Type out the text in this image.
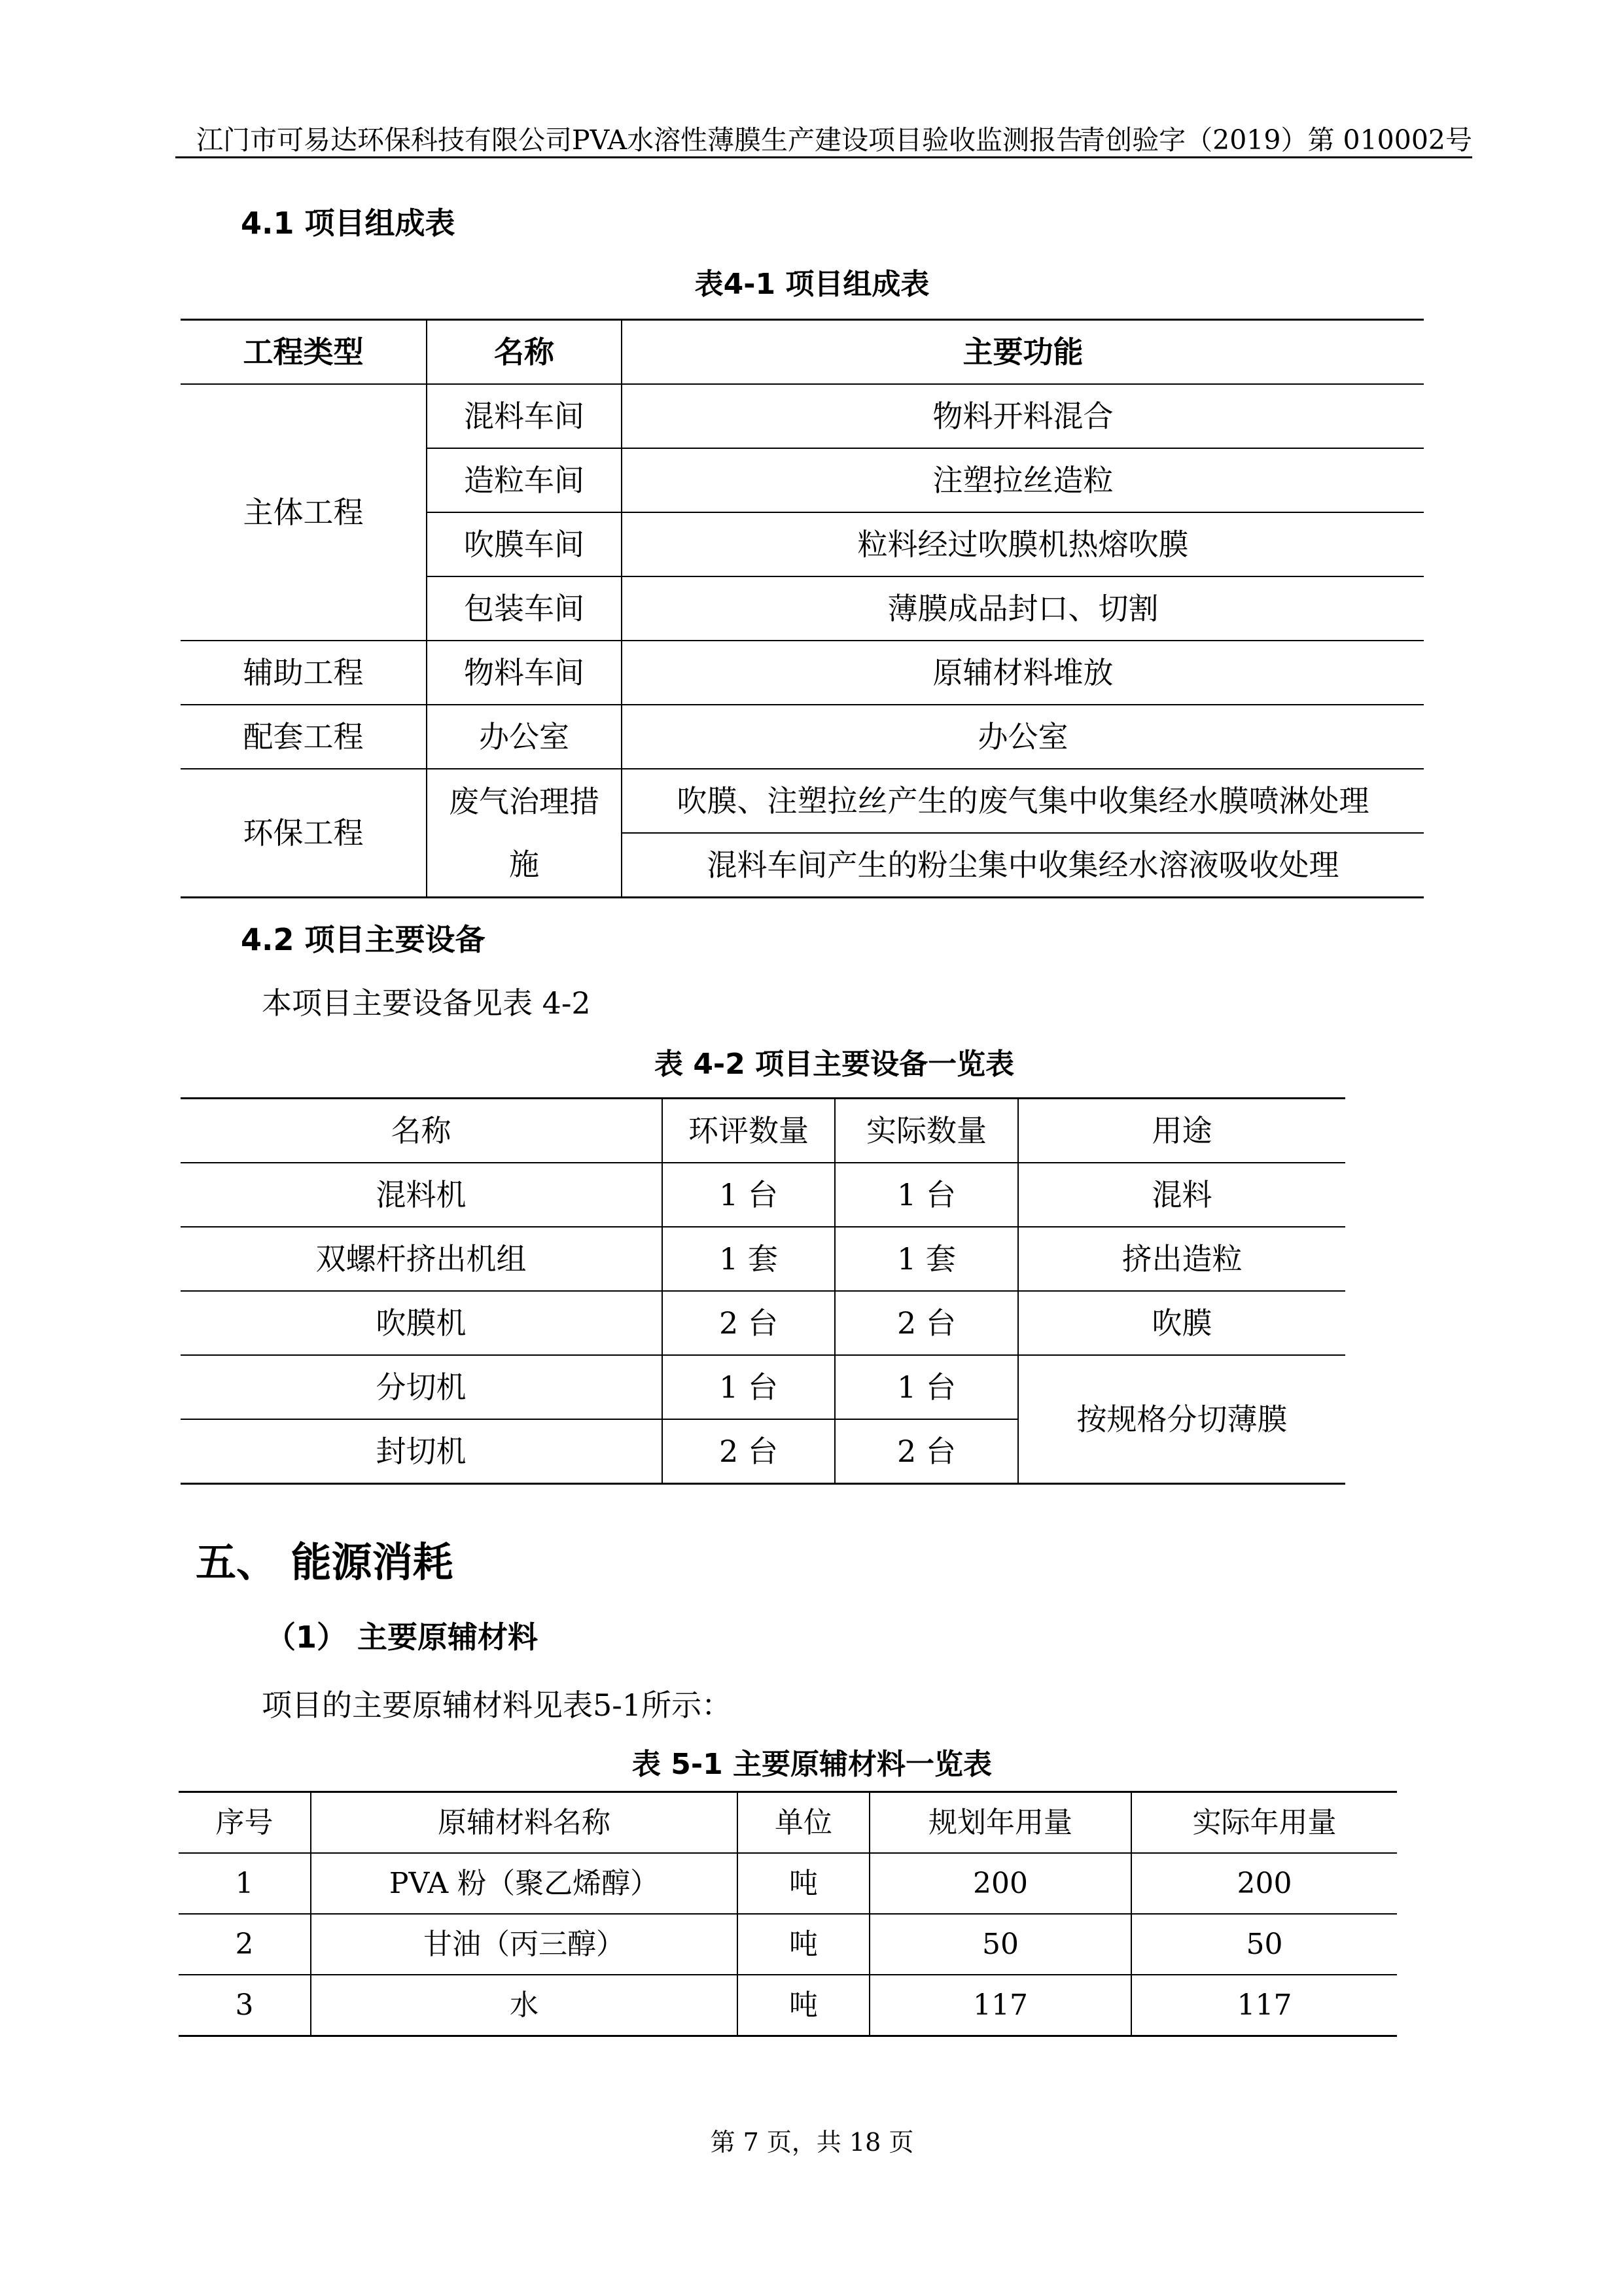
江门市可易达环保科技有限公司PVA水溶性薄膜生产建设项目验收监测报告
青创验字（2019）第 010002号
4.1 项目组成表
表4-1 项目组成表
工程类型	名称	主要功能
主体工程	混料车间	物料开料混合
	造粒车间	注塑拉丝造粒
	吹膜车间	粒料经过吹膜机热熔吹膜
	包装车间	薄膜成品封口、切割
辅助工程	物料车间	原辅材料堆放
配套工程	办公室	办公室
环保工程	废气治理措施	吹膜、注塑拉丝产生的废气集中收集经水膜喷淋处理
		混料车间产生的粉尘集中收集经水溶液吸收处理
4.2 项目主要设备
本项目主要设备见表 4-2
表 4-2 项目主要设备一览表
名称	环评数量	实际数量	用途
混料机	1 台	1 台	混料
双螺杆挤出机组	1 套	1 套	挤出造粒
吹膜机	2 台	2 台	吹膜
分切机	1 台	1 台	按规格分切薄膜
封切机	2 台	2 台	
五、 能源消耗
（1） 主要原辅材料
项目的主要原辅材料见表5-1所示：
表 5-1 主要原辅材料一览表
序号	原辅材料名称	单位	规划年用量	实际年用量
1	PVA 粉（聚乙烯醇）	吨	200	200
2	甘油（丙三醇）	吨	50	50
3	水	吨	117	117
第 7 页，共 18 页
